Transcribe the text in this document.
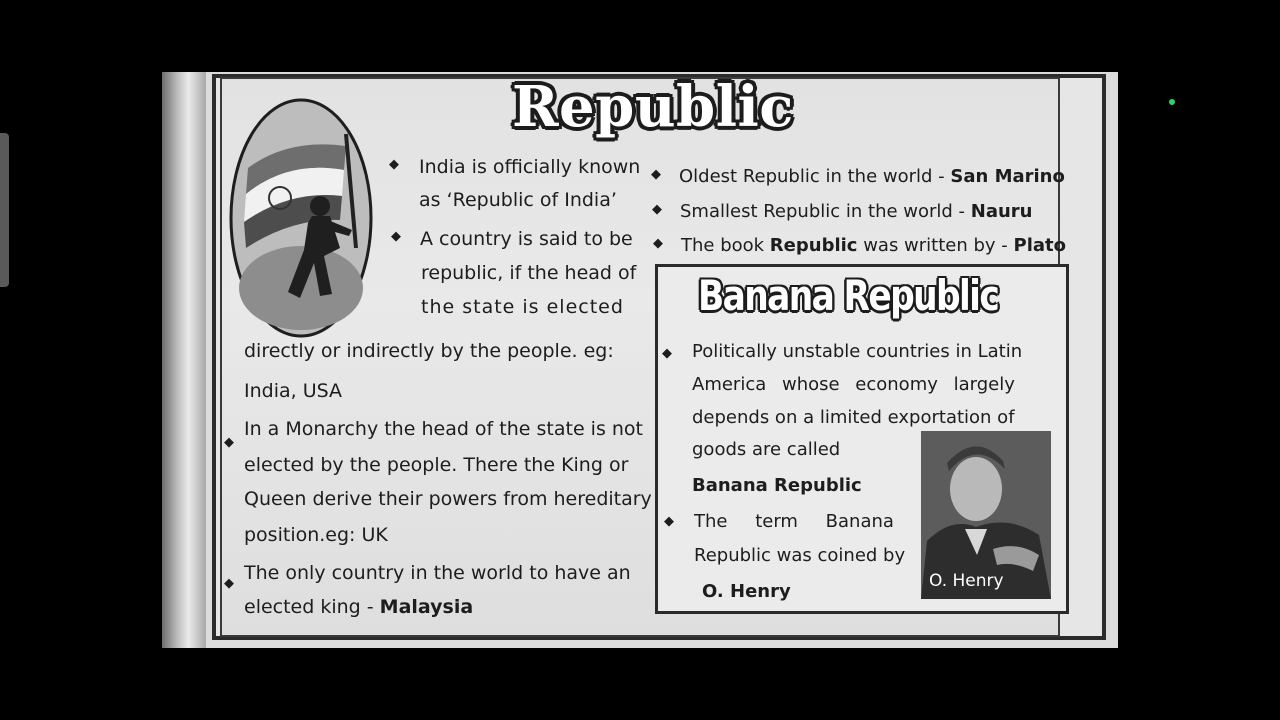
Republic
◆ India is officially known
as ‘Republic of India’
◆ A country is said to be
republic, if the head of
the state is elected
directly or indirectly by the people. eg:
India, USA
◆
In a Monarchy the head of the state is not
elected by the people. There the King or
Queen derive their powers from hereditary
position.eg: UK
◆ The only country in the world to have an
elected king - Malaysia
◆ Oldest Republic in the world - San Marino
◆ Smallest Republic in the world - Nauru
◆ The book Republic was written by - Plato
Banana Republic
◆ Politically unstable countries in Latin
America whose economy largely
depends on a limited exportation of
goods are called
Banana Republic
◆ The term Banana
Republic was coined by
O. Henry	O. Henry
